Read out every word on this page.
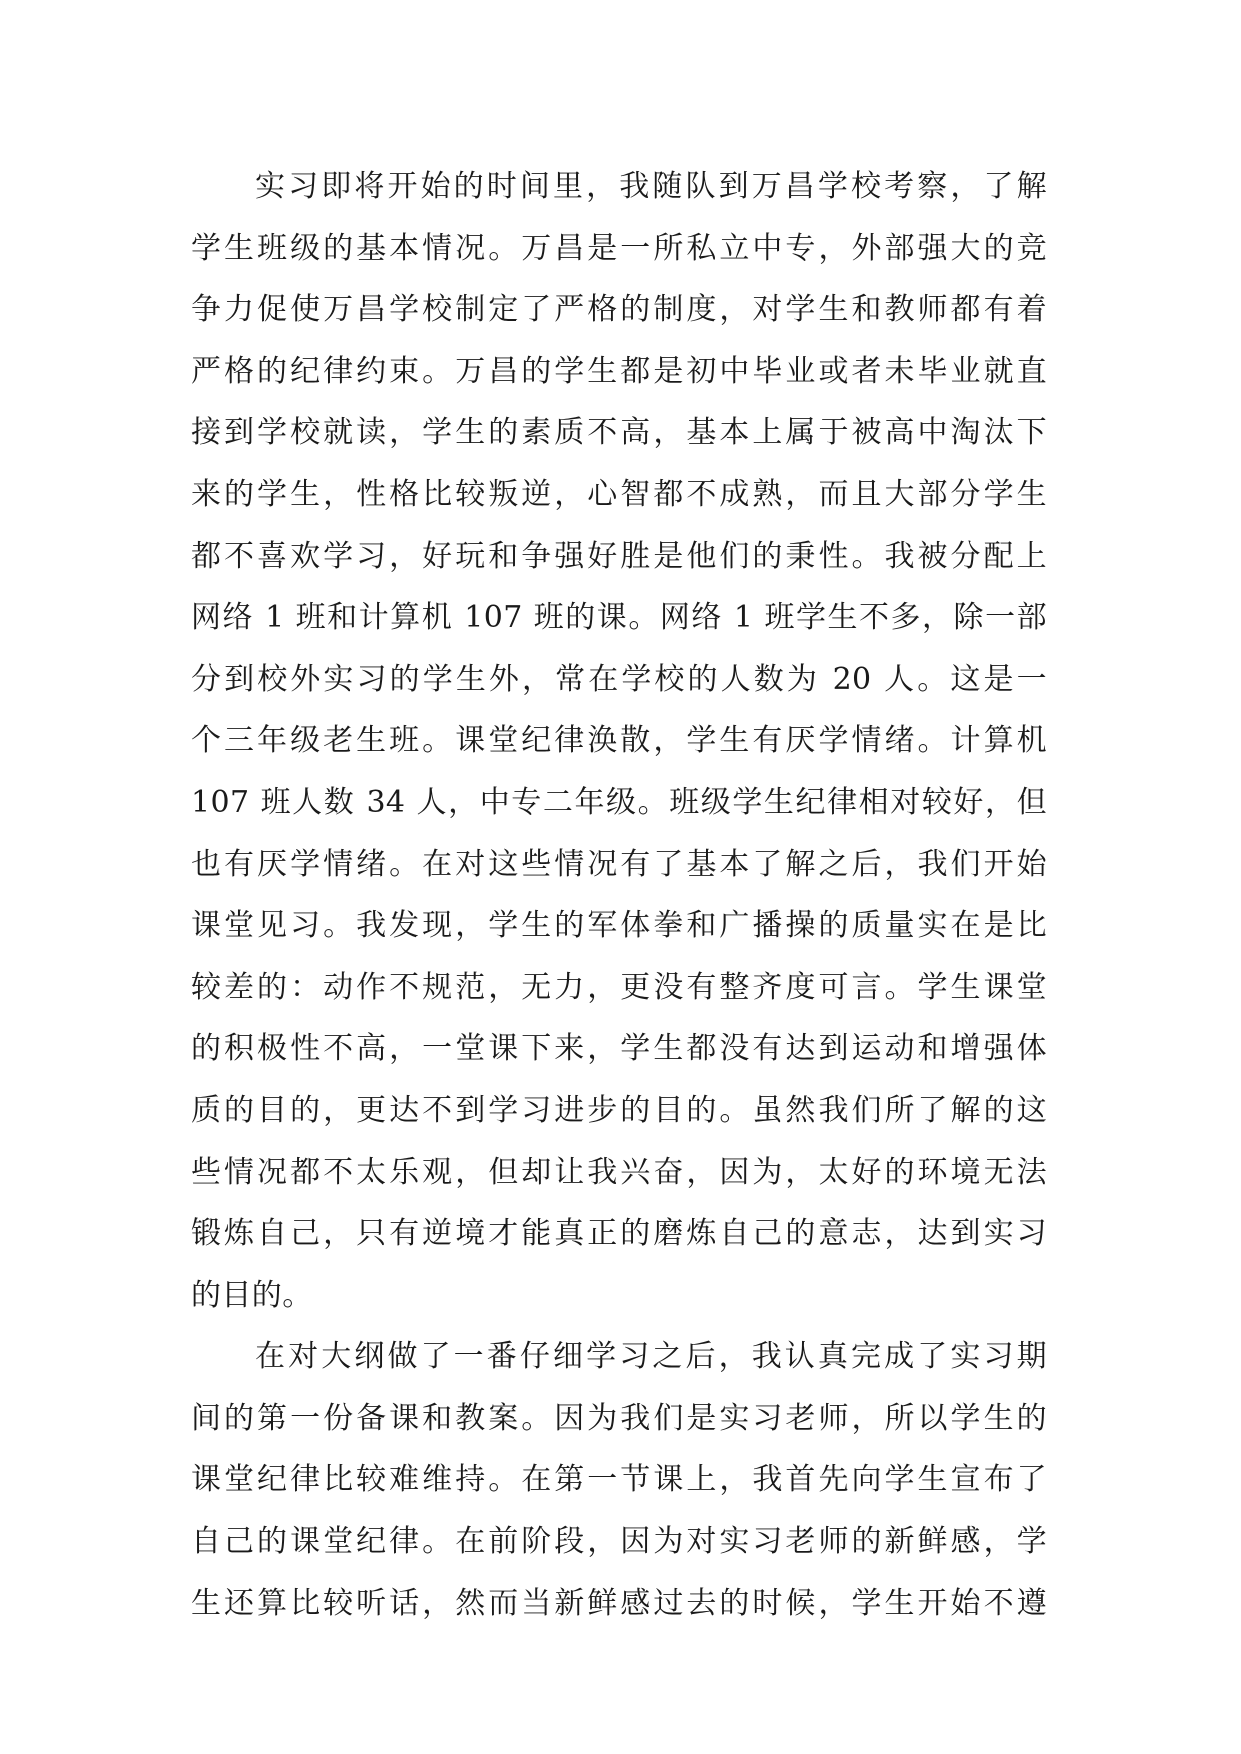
实习即将开始的时间里，我随队到万昌学校考察，了解
学生班级的基本情况。万昌是一所私立中专，外部强大的竞
争力促使万昌学校制定了严格的制度，对学生和教师都有着
严格的纪律约束。万昌的学生都是初中毕业或者未毕业就直
接到学校就读，学生的素质不高，基本上属于被高中淘汰下
来的学生，性格比较叛逆，心智都不成熟，而且大部分学生
都不喜欢学习，好玩和争强好胜是他们的秉性。我被分配上
网络 1 班和计算机 107 班的课。网络 1 班学生不多，除一部
分到校外实习的学生外，常在学校的人数为 20 人。这是一
个三年级老生班。课堂纪律涣散，学生有厌学情绪。计算机
107 班人数 34 人，中专二年级。班级学生纪律相对较好，但
也有厌学情绪。在对这些情况有了基本了解之后，我们开始
课堂见习。我发现，学生的军体拳和广播操的质量实在是比
较差的：动作不规范，无力，更没有整齐度可言。学生课堂
的积极性不高，一堂课下来，学生都没有达到运动和增强体
质的目的，更达不到学习进步的目的。虽然我们所了解的这
些情况都不太乐观，但却让我兴奋，因为，太好的环境无法
锻炼自己，只有逆境才能真正的磨炼自己的意志，达到实习
的目的。
在对大纲做了一番仔细学习之后，我认真完成了实习期
间的第一份备课和教案。因为我们是实习老师，所以学生的
课堂纪律比较难维持。在第一节课上，我首先向学生宣布了
自己的课堂纪律。在前阶段，因为对实习老师的新鲜感，学
生还算比较听话，然而当新鲜感过去的时候，学生开始不遵
